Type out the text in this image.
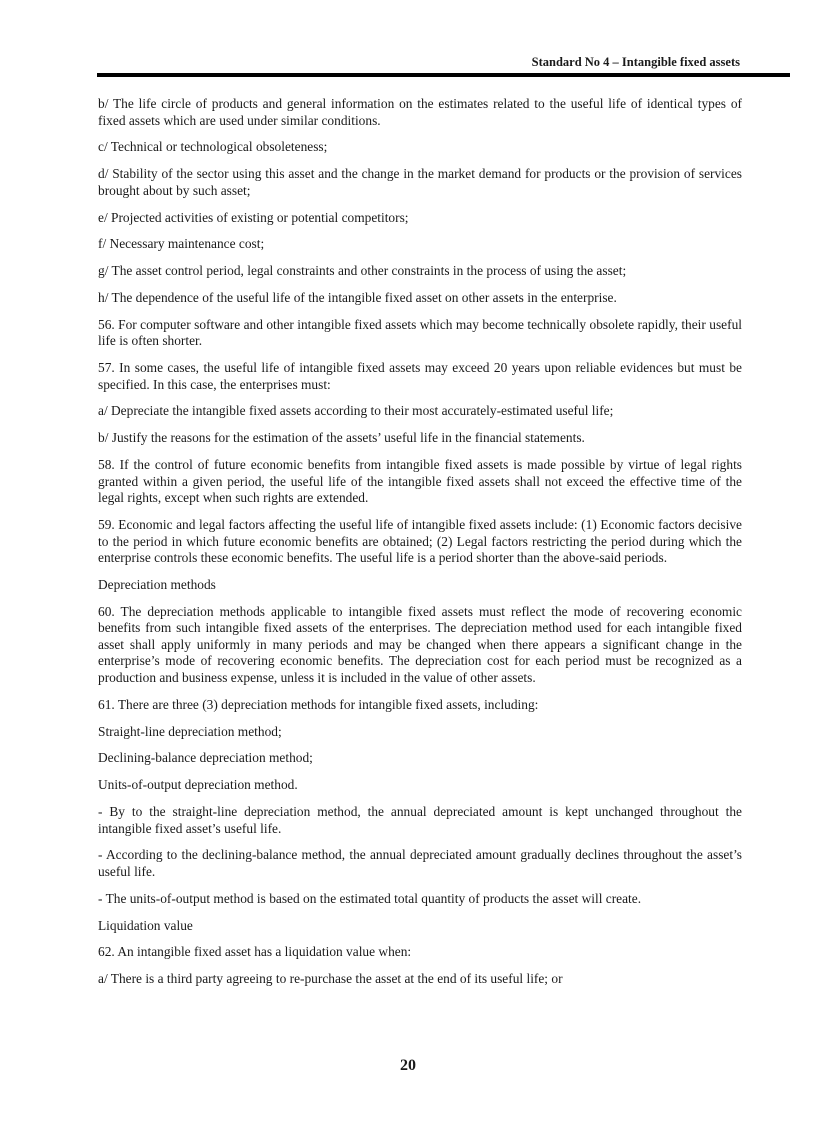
Standard No 4 – Intangible fixed assets

b/ The life circle of products and general information on the estimates related to the useful life of identical types of fixed assets which are used under similar conditions.

c/ Technical or technological obsoleteness;

d/ Stability of the sector using this asset and the change in the market demand for products or the provision of services brought about by such asset;

e/ Projected activities of existing or potential competitors;

f/ Necessary maintenance cost;

g/ The asset control period, legal constraints and other constraints in the process of using the asset;

h/ The dependence of the useful life of the intangible fixed asset on other assets in the enterprise.

56. For computer software and other intangible fixed assets which may become technically obsolete rapidly, their useful life is often shorter.

57. In some cases, the useful life of intangible fixed assets may exceed 20 years upon reliable evidences but must be specified. In this case, the enterprises must:

a/ Depreciate the intangible fixed assets according to their most accurately-estimated useful life;

b/ Justify the reasons for the estimation of the assets’ useful life in the financial statements.

58. If the control of future economic benefits from intangible fixed assets is made possible by virtue of legal rights granted within a given period, the useful life of the intangible fixed assets shall not exceed the effective time of the legal rights, except when such rights are extended.

59. Economic and legal factors affecting the useful life of intangible fixed assets include: (1) Economic factors decisive to the period in which future economic benefits are obtained; (2) Legal factors restricting the period during which the enterprise controls these economic benefits. The useful life is a period shorter than the above-said periods.

Depreciation methods

60. The depreciation methods applicable to intangible fixed assets must reflect the mode of recovering economic benefits from such intangible fixed assets of the enterprises. The depreciation method used for each intangible fixed asset shall apply uniformly in many periods and may be changed when there appears a significant change in the enterprise’s mode of recovering economic benefits. The depreciation cost for each period must be recognized as a production and business expense, unless it is included in the value of other assets.

61. There are three (3) depreciation methods for intangible fixed assets, including:

Straight-line depreciation method;

Declining-balance depreciation method;

Units-of-output depreciation method.

- By to the straight-line depreciation method, the annual depreciated amount is kept unchanged throughout the intangible fixed asset’s useful life.

- According to the declining-balance method, the annual depreciated amount gradually declines throughout the asset’s useful life.

- The units-of-output method is based on the estimated total quantity of products the asset will create.

Liquidation value

62. An intangible fixed asset has a liquidation value when:

a/ There is a third party agreeing to re-purchase the asset at the end of its useful life; or

20
